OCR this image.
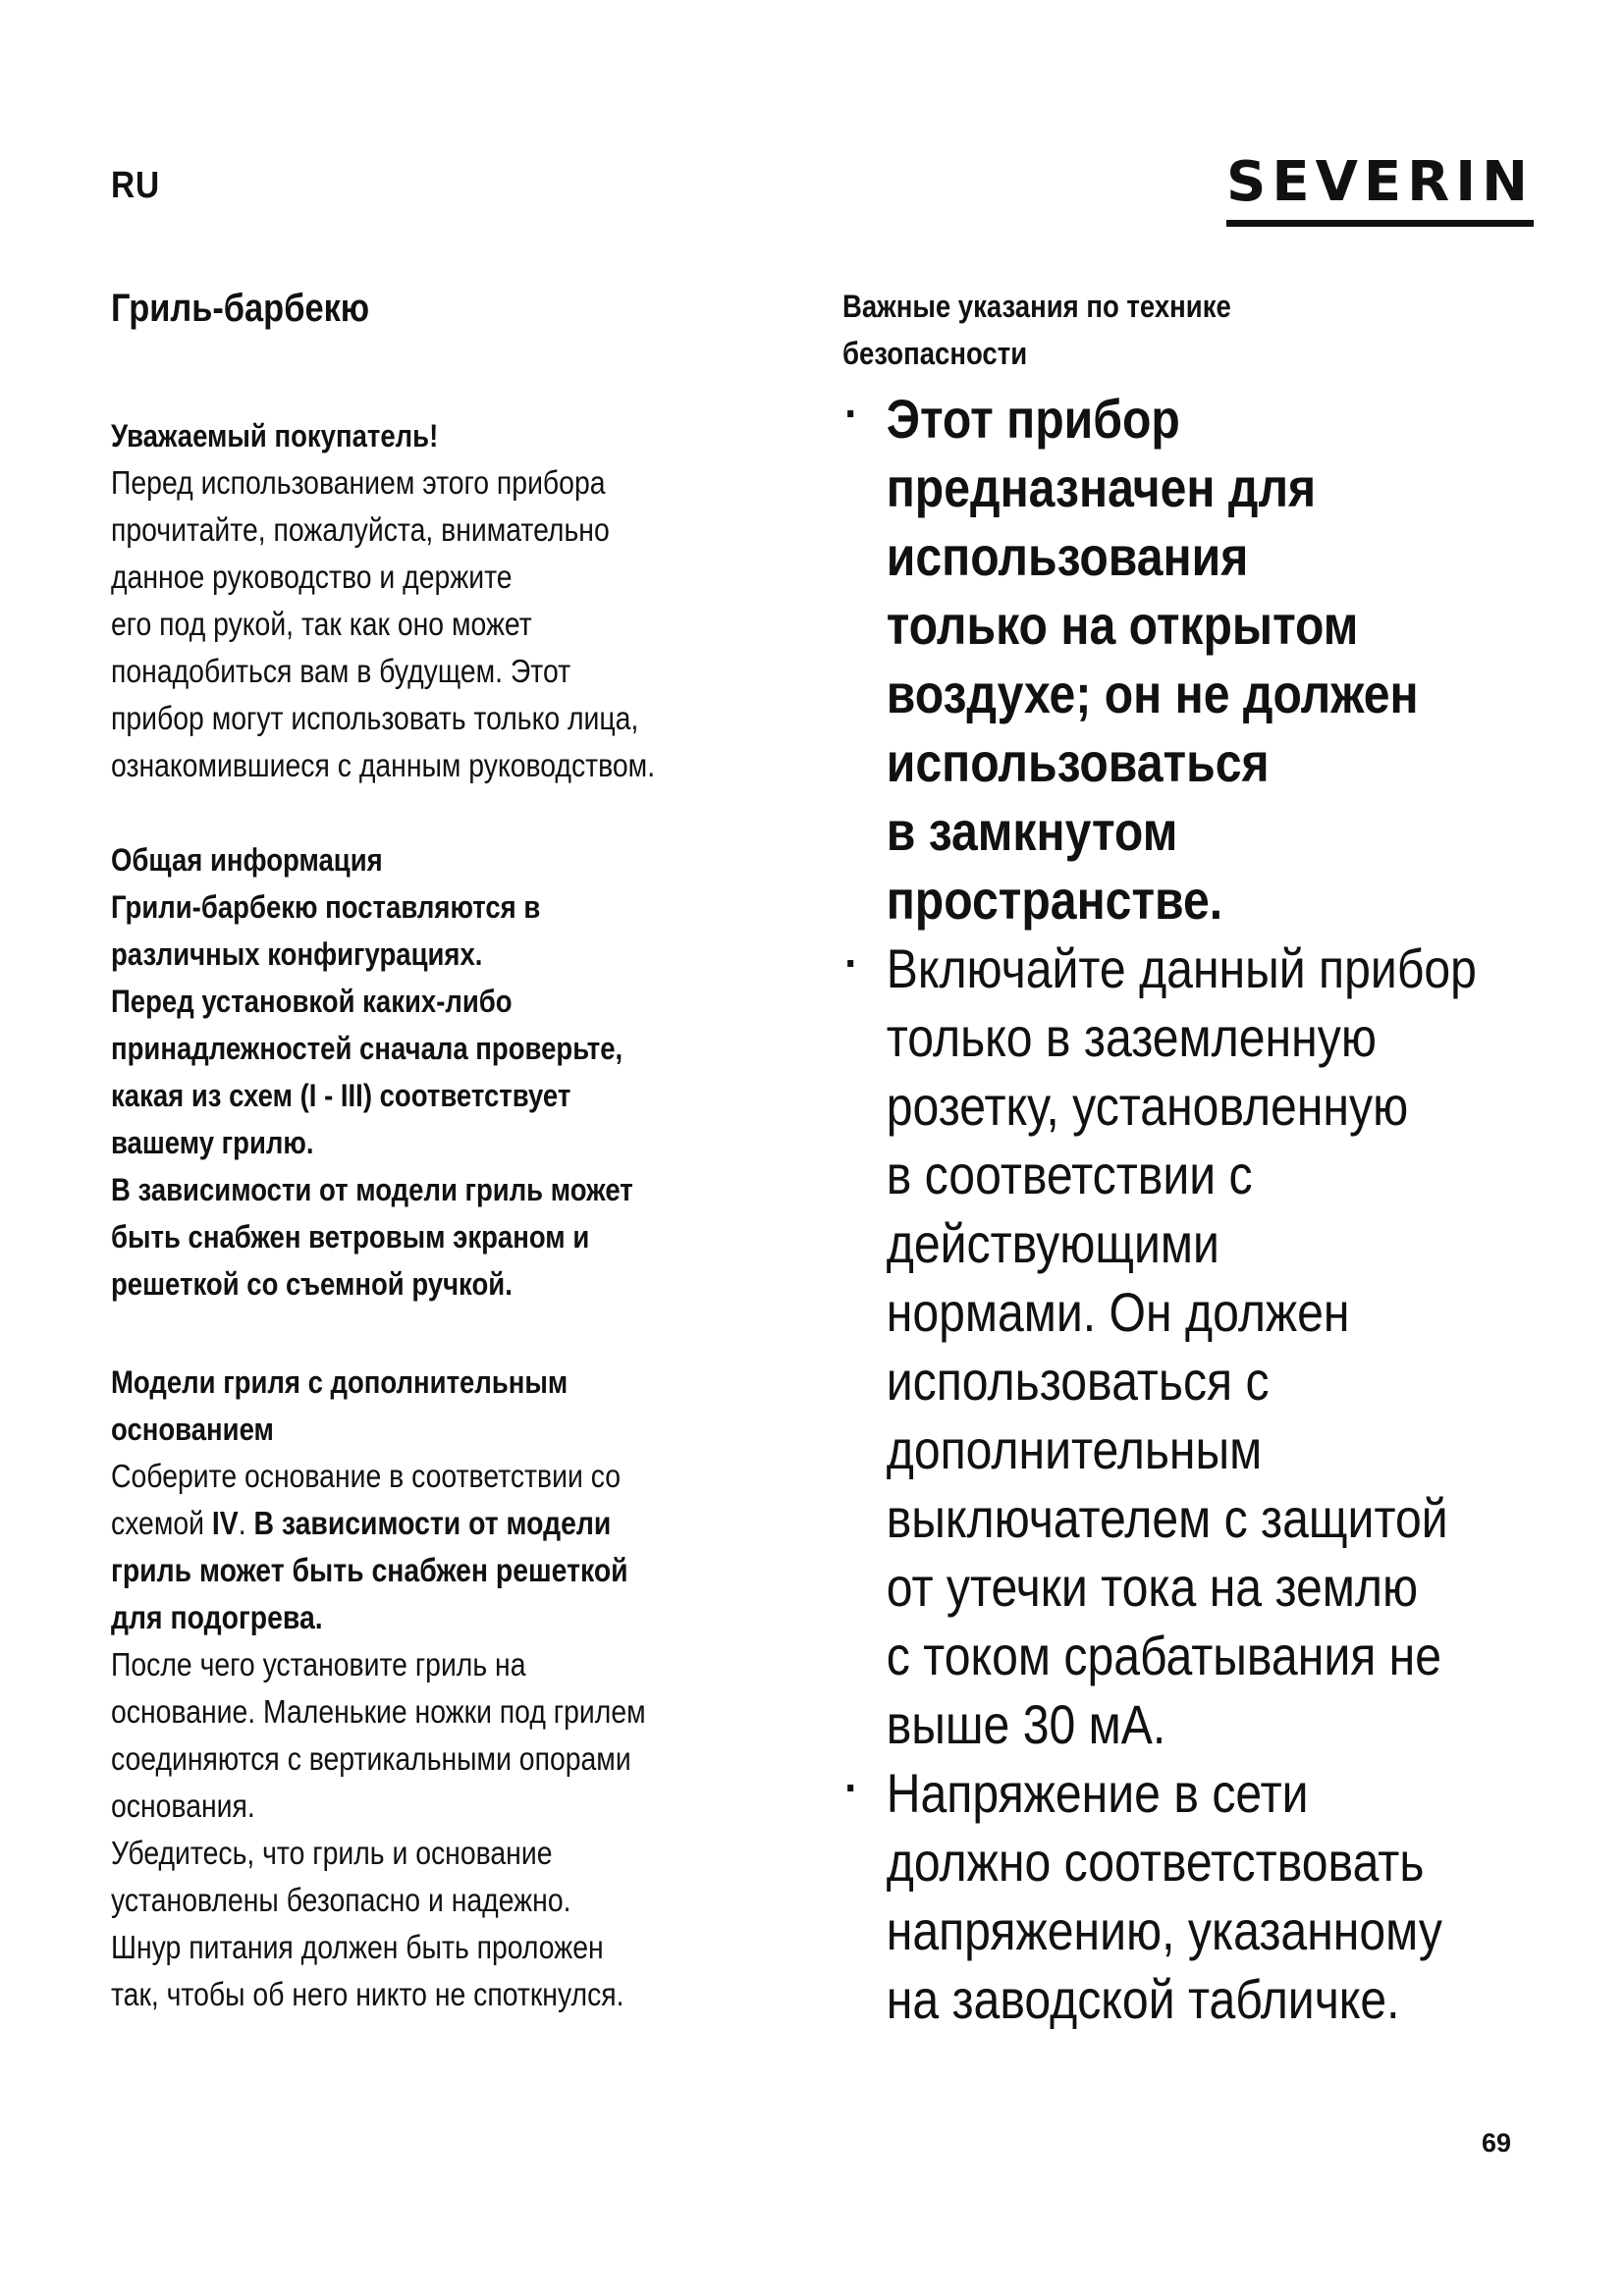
RU	SEVERIN
Гриль-барбекю

Уважаемый покупатель!

Перед использованием этого прибора
прочитайте, пожалуйста, внимательно
данное руководство и держите
его под рукой, так как оно может
понадобиться вам в будущем. Этот
прибор могут использовать только лица,
ознакомившиеся с данным руководством.

Общая информация

Грили-барбекю поставляются в
различных конфигурациях.
Перед установкой каких-либо
принадлежностей сначала проверьте,
какая из схем (I - III) соответствует
вашему грилю.
В зависимости от модели гриль может
быть снабжен ветровым экраном и
решеткой со съемной ручкой.

Модели гриля с дополнительным
основанием

Соберите основание в соответствии со
схемой IV. В зависимости от модели
гриль может быть снабжен решеткой
для подогрева.

После чего установите гриль на
основание. Маленькие ножки под грилем
соединяются с вертикальными опорами
основания.
Убедитесь, что гриль и основание
установлены безопасно и надежно.
Шнур питания должен быть проложен
так, чтобы об него никто не споткнулся.

Важные указания по технике
безопасности

Этот прибор
предназначен для
использования
только на открытом
воздухе; он не должен
использоваться
в замкнутом
пространстве.
Включайте данный прибор
только в заземленную
розетку, установленную
в соответствии с
действующими
нормами. Он должен
использоваться с
дополнительным
выключателем с защитой
от утечки тока на землю
с током срабатывания не
выше 30 мА.
Напряжение в сети
должно соответствовать
напряжению, указанному
на заводской табличке.
69
